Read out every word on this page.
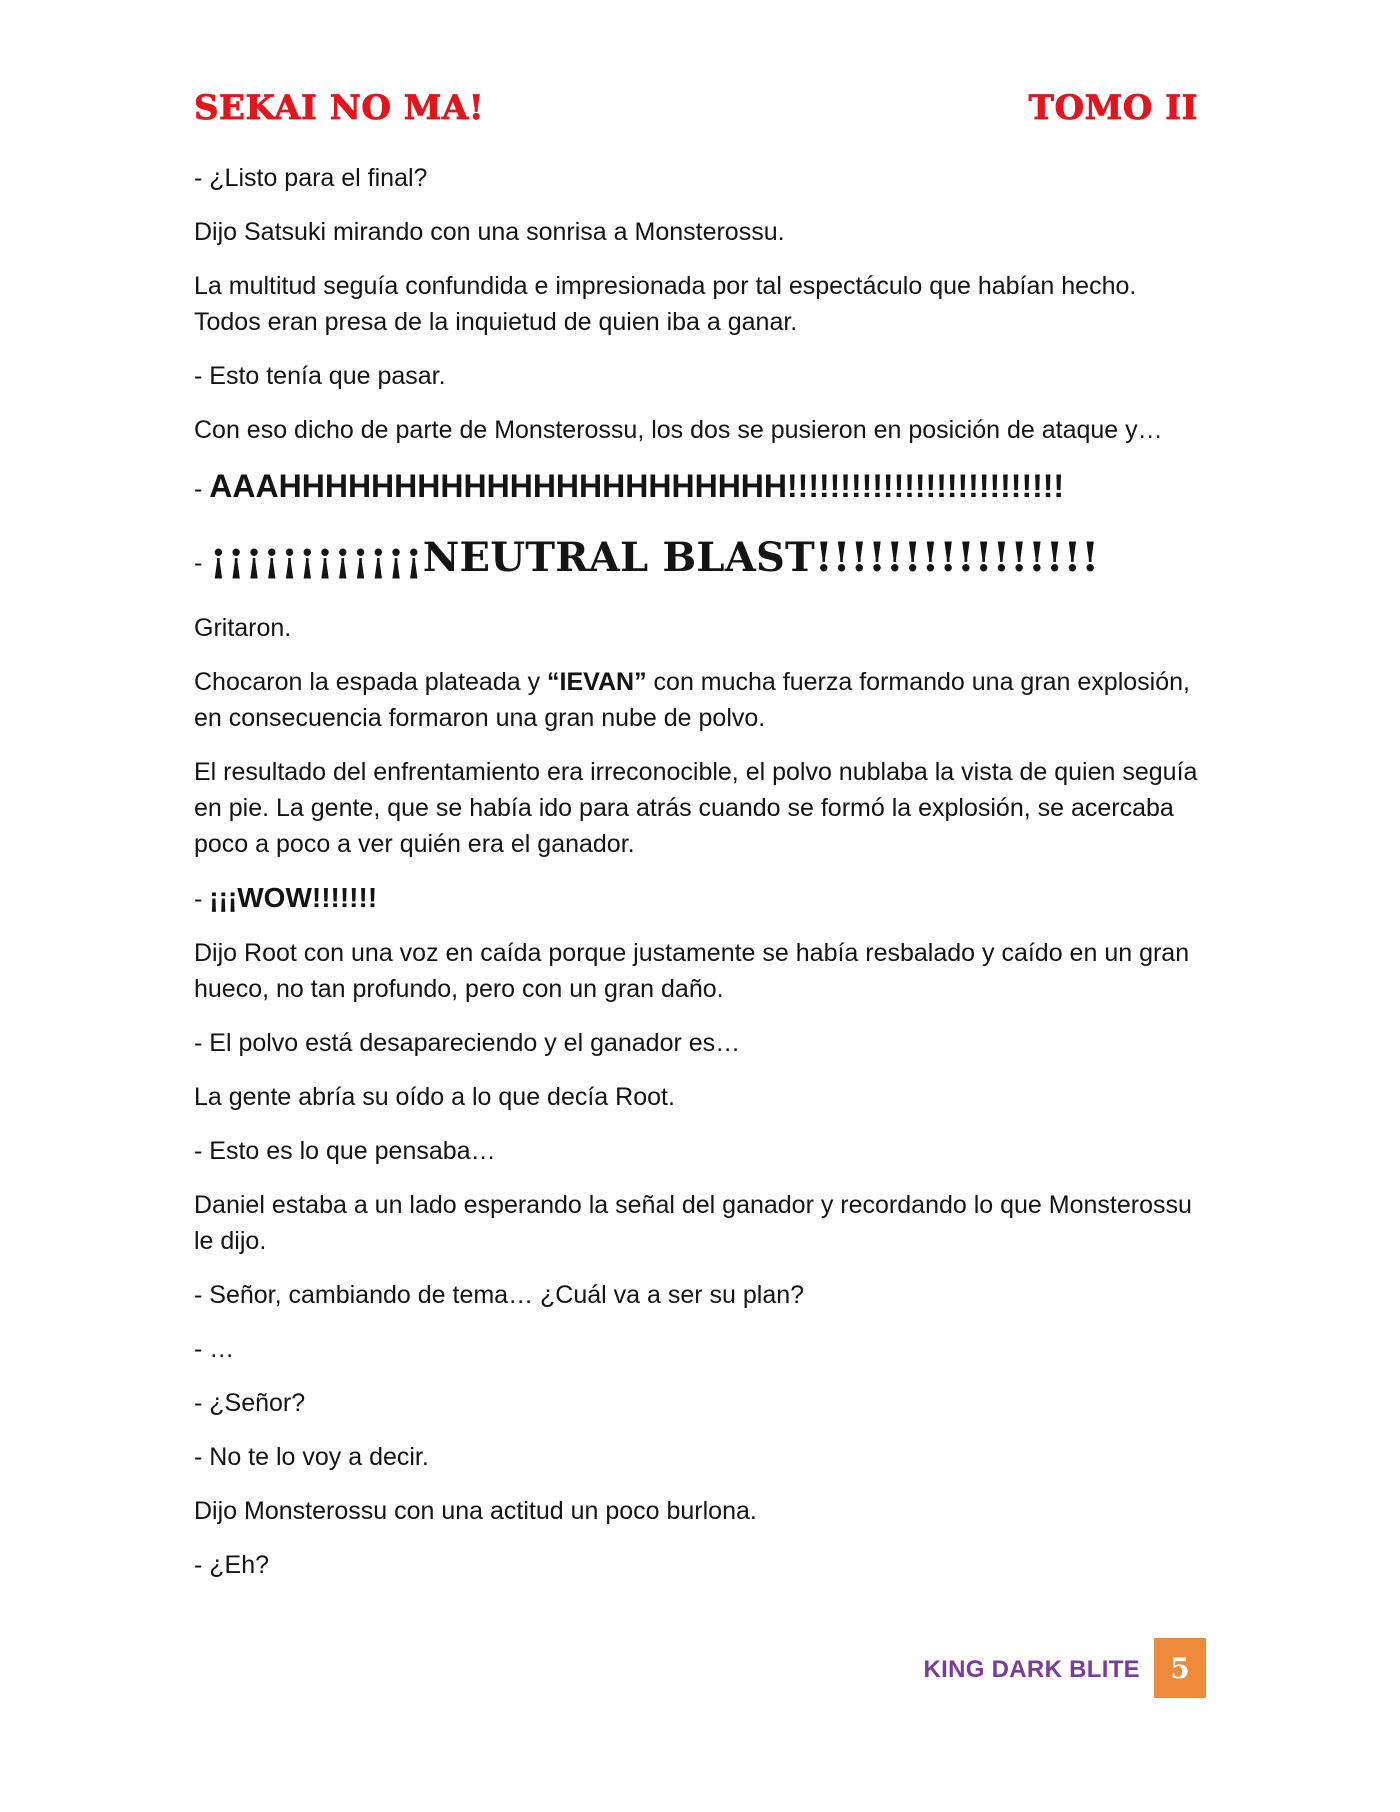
SEKAI NO MA!	TOMO II

- ¿Listo para el final?

Dijo Satsuki mirando con una sonrisa a Monsterossu.

La multitud seguía confundida e impresionada por tal espectáculo que habían hecho. Todos eran presa de la inquietud de quien iba a ganar.

- Esto tenía que pasar.

Con eso dicho de parte de Monsterossu, los dos se pusieron en posición de ataque y…

- AAAHHHHHHHHHHHHHHHHHHHHHH!!!!!!!!!!!!!!!!!!!!!!!!!!

- ¡¡¡¡¡¡¡¡¡¡¡¡NEUTRAL BLAST!!!!!!!!!!!!!!!!

Gritaron.

Chocaron la espada plateada y “IEVAN” con mucha fuerza formando una gran explosión, en consecuencia formaron una gran nube de polvo.

El resultado del enfrentamiento era irreconocible, el polvo nublaba la vista de quien seguía en pie. La gente, que se había ido para atrás cuando se formó la explosión, se acercaba poco a poco a ver quién era el ganador.

- ¡¡¡WOW!!!!!!!

Dijo Root con una voz en caída porque justamente se había resbalado y caído en un gran hueco, no tan profundo, pero con un gran daño.

- El polvo está desapareciendo y el ganador es…

La gente abría su oído a lo que decía Root.

- Esto es lo que pensaba…

Daniel estaba a un lado esperando la señal del ganador y recordando lo que Monsterossu le dijo.

- Señor, cambiando de tema… ¿Cuál va a ser su plan?

- …

- ¿Señor?

- No te lo voy a decir.

Dijo Monsterossu con una actitud un poco burlona.

- ¿Eh?

KING DARK BLITE	5
